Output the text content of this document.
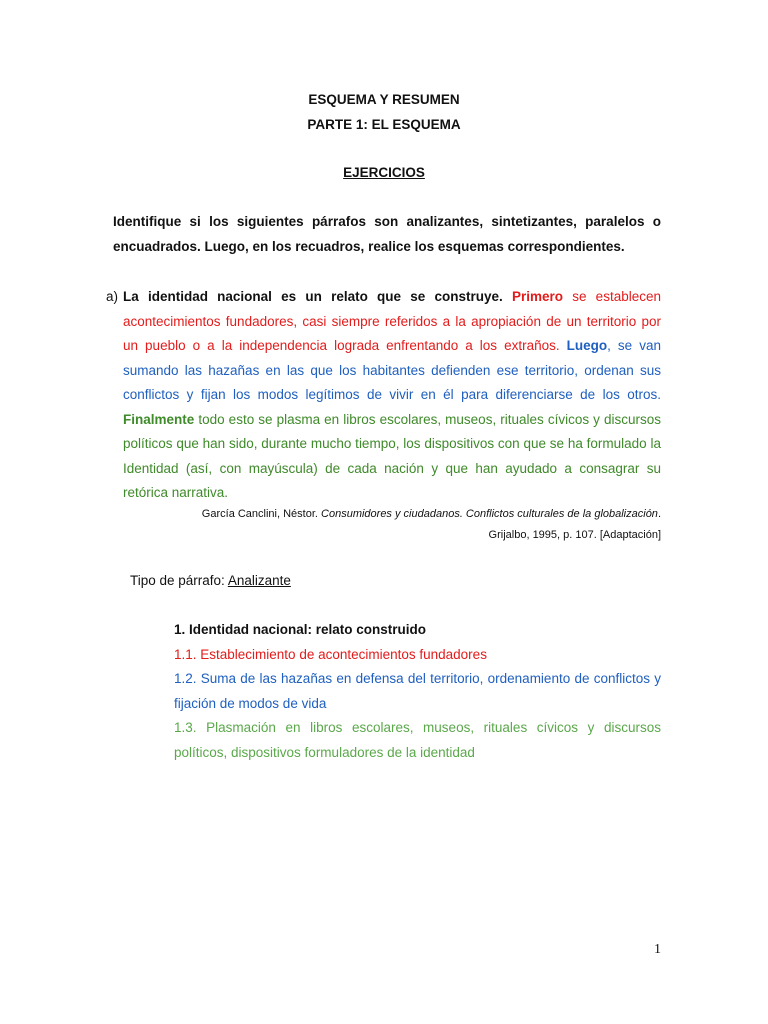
ESQUEMA Y RESUMEN
PARTE 1: EL ESQUEMA
EJERCICIOS
Identifique si los siguientes párrafos son analizantes, sintetizantes, paralelos o encuadrados. Luego, en los recuadros, realice los esquemas correspondientes.
a) La identidad nacional es un relato que se construye. Primero se establecen acontecimientos fundadores, casi siempre referidos a la apropiación de un territorio por un pueblo o a la independencia lograda enfrentando a los extraños. Luego, se van sumando las hazañas en las que los habitantes defienden ese territorio, ordenan sus conflictos y fijan los modos legítimos de vivir en él para diferenciarse de los otros. Finalmente todo esto se plasma en libros escolares, museos, rituales cívicos y discursos políticos que han sido, durante mucho tiempo, los dispositivos con que se ha formulado la Identidad (así, con mayúscula) de cada nación y que han ayudado a consagrar su retórica narrativa.
García Canclini, Néstor. Consumidores y ciudadanos. Conflictos culturales de la globalización.
Grijalbo, 1995, p. 107. [Adaptación]
Tipo de párrafo: Analizante
1. Identidad nacional: relato construido
1.1. Establecimiento de acontecimientos fundadores
1.2. Suma de las hazañas en defensa del territorio, ordenamiento de conflictos y fijación de modos de vida
1.3. Plasmación en libros escolares, museos, rituales cívicos y discursos políticos, dispositivos formuladores de la identidad
1
